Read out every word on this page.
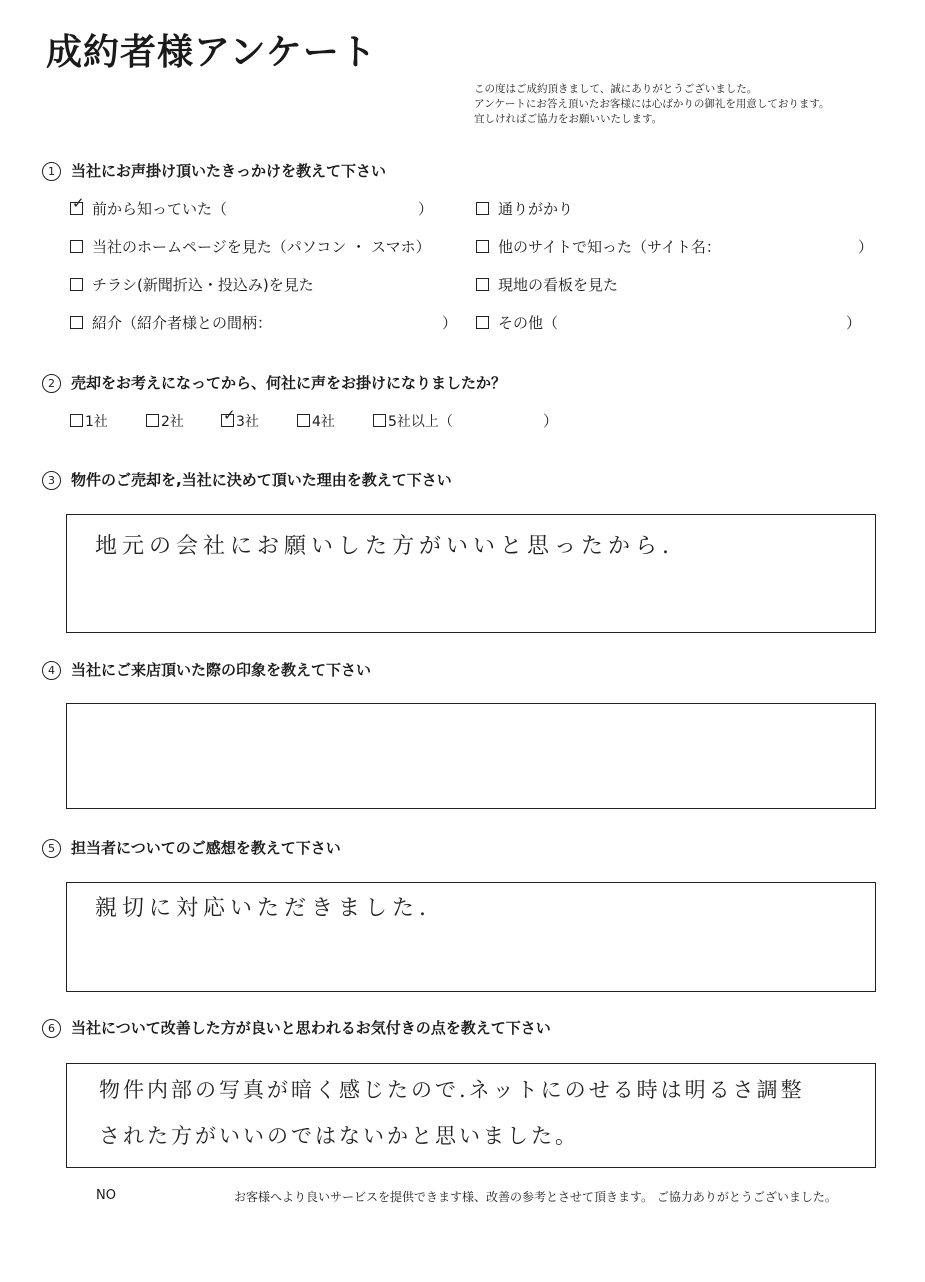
成約者様アンケート
この度はご成約頂きまして、誠にありがとうございました。
アンケートにお答え頂いたお客様には心ばかりの御礼を用意しております。
宜しければご協力をお願いいたします。
1 当社にお声掛け頂いたきっかけを教えて下さい
✓ 前から知っていた（	）	通りがかり
当社のホームページを見た（パソコン ・ スマホ）	他のサイトで知った（サイト名：	）
チラシ(新聞折込・投込み)を見た	現地の看板を見た
紹介（紹介者様との間柄：	）	その他（	）
2 売却をお考えになってから、何社に声をお掛けになりましたか？
1社	2社	✓ 3社	4社	5社以上（	）
3 物件のご売却を,当社に決めて頂いた理由を教えて下さい
地元の会社にお願いした方がいいと思ったから.
4 当社にご来店頂いた際の印象を教えて下さい
5 担当者についてのご感想を教えて下さい
親切に対応いただきました.
6 当社について改善した方が良いと思われるお気付きの点を教えて下さい
物件内部の写真が暗く感じたので.ネットにのせる時は明るさ調整
された方がいいのではないかと思いました。
NO	お客様へより良いサービスを提供できます様、改善の参考とさせて頂きます。 ご協力ありがとうございました。
